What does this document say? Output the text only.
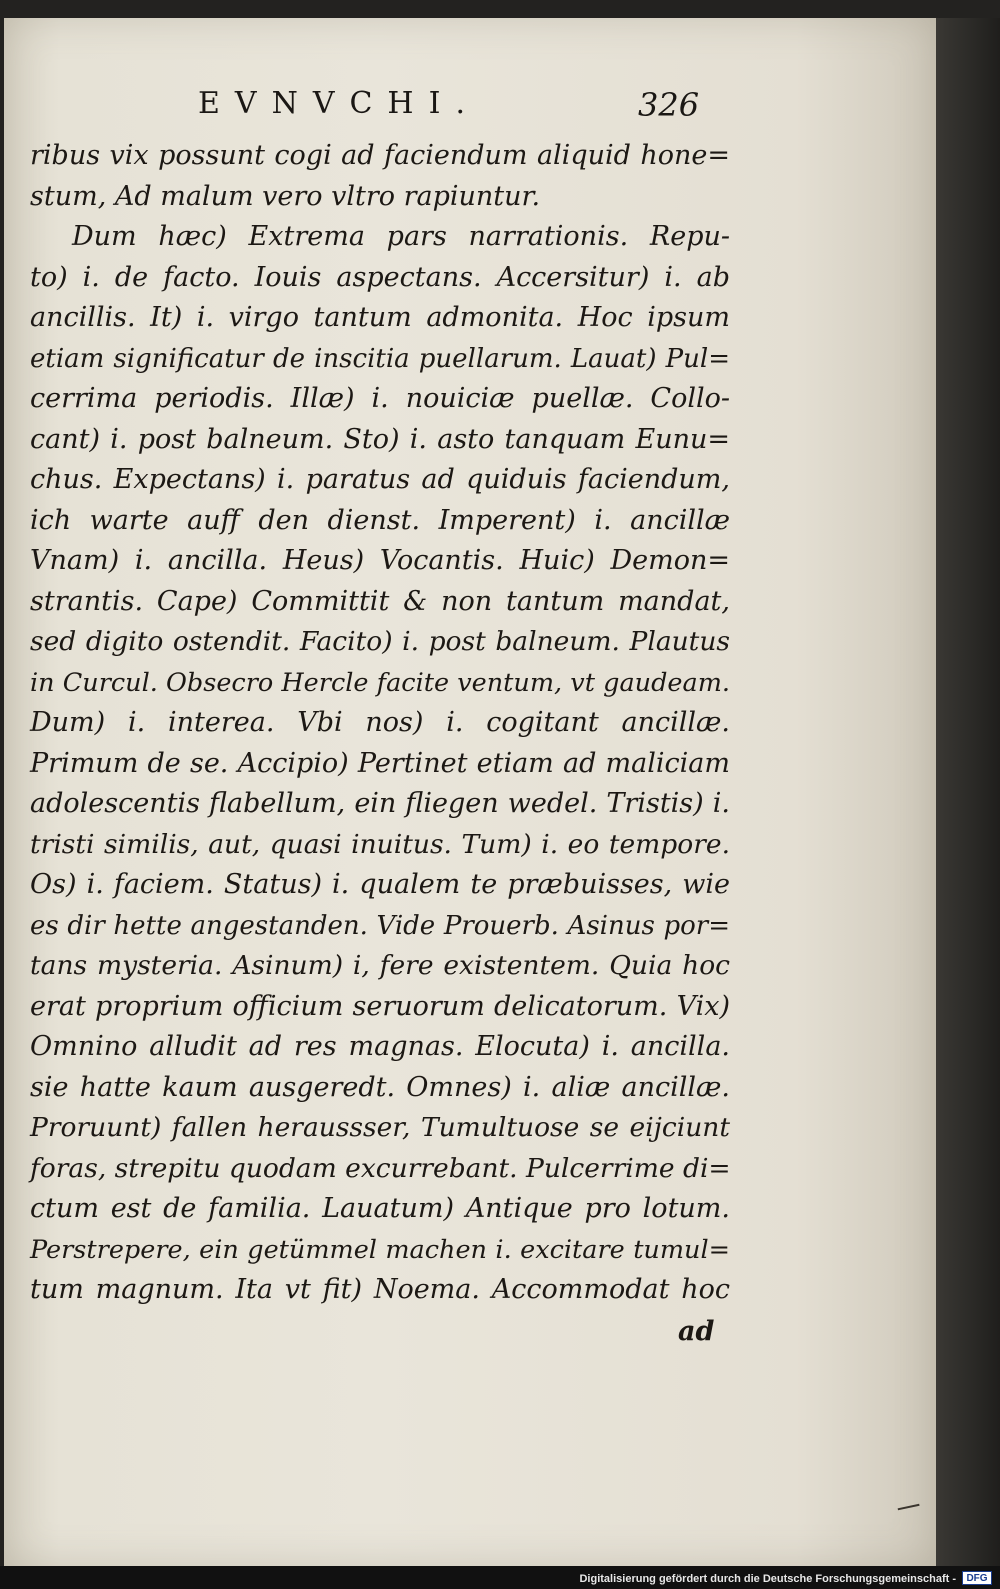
EVNVCHI.	326
ribus vix possunt cogi ad faciendum aliquid hone=
stum, Ad malum vero vltro rapiuntur.
Dum hæc) Extrema pars narrationis. Repu-
to) i. de facto. Iouis aspectans. Accersitur) i. ab
ancillis. It) i. virgo tantum admonita. Hoc ipsum
etiam significatur de inscitia puellarum. Lauat) Pul=
cerrima periodis. Illæ) i. nouiciæ puellæ. Collo-
cant) i. post balneum. Sto) i. asto tanquam Eunu=
chus. Expectans) i. paratus ad quiduis faciendum,
ich warte auff den dienst. Imperent) i. ancillæ
Vnam) i. ancilla. Heus) Vocantis. Huic) Demon=
strantis. Cape) Committit & non tantum mandat,
sed digito ostendit. Facito) i. post balneum. Plautus
in Curcul. Obsecro Hercle facite ventum, vt gaudeam.
Dum) i. interea. Vbi nos) i. cogitant ancillæ.
Primum de se. Accipio) Pertinet etiam ad maliciam
adolescentis flabellum, ein fliegen wedel. Tristis) i.
tristi similis, aut, quasi inuitus. Tum) i. eo tempore.
Os) i. faciem. Status) i. qualem te præbuisses, wie
es dir hette angestanden. Vide Prouerb. Asinus por=
tans mysteria. Asinum) i, fere existentem. Quia hoc
erat proprium officium seruorum delicatorum. Vix)
Omnino alludit ad res magnas. Elocuta) i. ancilla.
sie hatte kaum ausgeredt. Omnes) i. aliæ ancillæ.
Proruunt) fallen heraussser, Tumultuose se eijciunt
foras, strepitu quodam excurrebant. Pulcerrime di=
ctum est de familia. Lauatum) Antique pro lotum.
Perstrepere, ein getümmel machen i. excitare tumul=
tum magnum. Ita vt fit) Noema. Accommodat hoc
ad
Digitalisierung gefördert durch die Deutsche Forschungsgemeinschaft -	DFG
